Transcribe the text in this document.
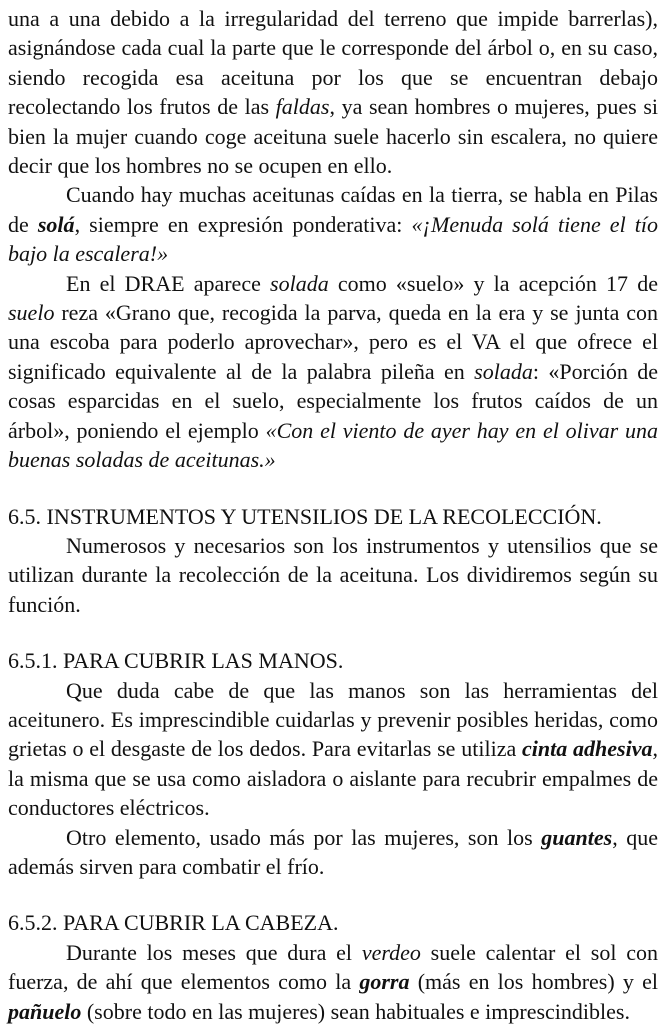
una a una debido a la irregularidad del terreno que impide barrerlas), asignándose cada cual la parte que le corresponde del árbol o, en su caso, siendo recogida esa aceituna por los que se encuentran debajo recolectando los frutos de las faldas, ya sean hombres o mujeres, pues si bien la mujer cuando coge aceituna suele hacerlo sin escalera, no quiere decir que los hombres no se ocupen en ello.

Cuando hay muchas aceitunas caídas en la tierra, se habla en Pilas de solá, siempre en expresión ponderativa: «¡Menuda solá tiene el tío bajo la escalera!»

En el DRAE aparece solada como «suelo» y la acepción 17 de suelo reza «Grano que, recogida la parva, queda en la era y se junta con una escoba para poderlo aprovechar», pero es el VA el que ofrece el significado equivalente al de la palabra pileña en solada: «Porción de cosas esparcidas en el suelo, especialmente los frutos caídos de un árbol», poniendo el ejemplo «Con el viento de ayer hay en el olivar una buenas soladas de aceitunas.»

6.5. INSTRUMENTOS Y UTENSILIOS DE LA RECOLECCIÓN.

Numerosos y necesarios son los instrumentos y utensilios que se utilizan durante la recolección de la aceituna. Los dividiremos según su función.

6.5.1. PARA CUBRIR LAS MANOS.

Que duda cabe de que las manos son las herramientas del aceitunero. Es imprescindible cuidarlas y prevenir posibles heridas, como grietas o el desgaste de los dedos. Para evitarlas se utiliza cinta adhesiva, la misma que se usa como aisladora o aislante para recubrir empalmes de conductores eléctricos.

Otro elemento, usado más por las mujeres, son los guantes, que además sirven para combatir el frío.

6.5.2. PARA CUBRIR LA CABEZA.

Durante los meses que dura el verdeo suele calentar el sol con fuerza, de ahí que elementos como la gorra (más en los hombres) y el pañuelo (sobre todo en las mujeres) sean habituales e imprescindibles.
